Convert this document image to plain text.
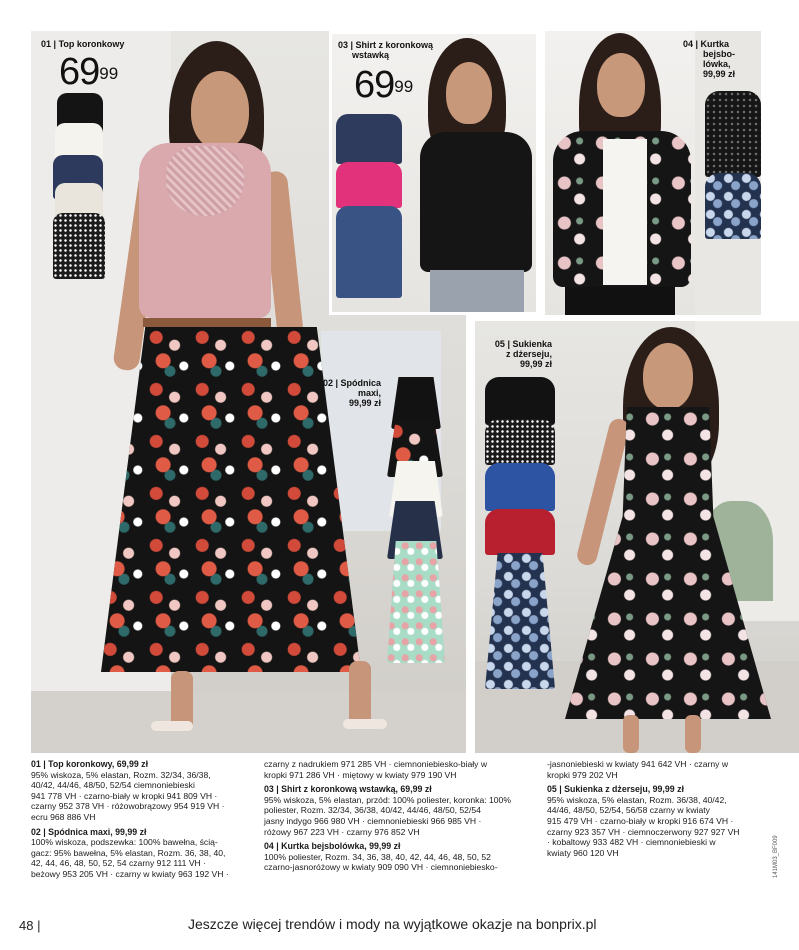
01 | Top koronkowy
$69^{99}$
02 | Spódnica
maxi,
99,99 zł
03 | Shirt z koronkową
wstawką
$69^{99}$
04 | Kurtka
bejsbo-
lówka,
99,99 zł
05 | Sukienka
z dżerseju,
99,99 zł
01 | Top koronkowy, 69,99 zł

95% wiskoza, 5% elastan, Rozm. 32/34, 36/38,

40/42, 44/46, 48/50, 52/54 ciemnoniebieski

941 778 VH · czarno-biały w kropki 941 809 VH ·

czarny 952 378 VH · różowobrązowy 954 919 VH ·

ecru 968 886 VH

02 | Spódnica maxi, 99,99 zł

100% wiskoza, podszewka: 100% bawełna, ścią-

gacz: 95% bawełna, 5% elastan, Rozm. 36, 38, 40,

42, 44, 46, 48, 50, 52, 54 czarny 912 111 VH ·

beżowy 953 205 VH · czarny w kwiaty 963 192 VH ·

czarny z nadrukiem 971 285 VH · ciemnoniebiesko-biały w

kropki 971 286 VH · miętowy w kwiaty 979 190 VH

03 | Shirt z koronkową wstawką, 69,99 zł

95% wiskoza, 5% elastan, przód: 100% poliester, koronka: 100%

poliester, Rozm. 32/34, 36/38, 40/42, 44/46, 48/50, 52/54

jasny indygo 966 980 VH · ciemnoniebieski 966 985 VH ·

różowy 967 223 VH · czarny 976 852 VH

04 | Kurtka bejsbolówka, 99,99 zł

100% poliester, Rozm. 34, 36, 38, 40, 42, 44, 46, 48, 50, 52

czarno-jasnoróżowy w kwiaty 909 090 VH · ciemnoniebiesko-

-jasnoniebieski w kwiaty 941 642 VH · czarny w

kropki 979 202 VH

05 | Sukienka z dżerseju, 99,99 zł

95% wiskoza, 5% elastan, Rozm. 36/38, 40/42,

44/46, 48/50, 52/54, 56/58 czarny w kwiaty

915 479 VH · czarno-biały w kropki 916 674 VH ·

czarny 923 357 VH · ciemnoczerwony 927 927 VH

· kobaltowy 933 482 VH · ciemnoniebieski w

kwiaty 960 120 VH	141M03_BF009
48 |	Jeszcze więcej trendów i mody na wyjątkowe okazje na bonprix.pl
